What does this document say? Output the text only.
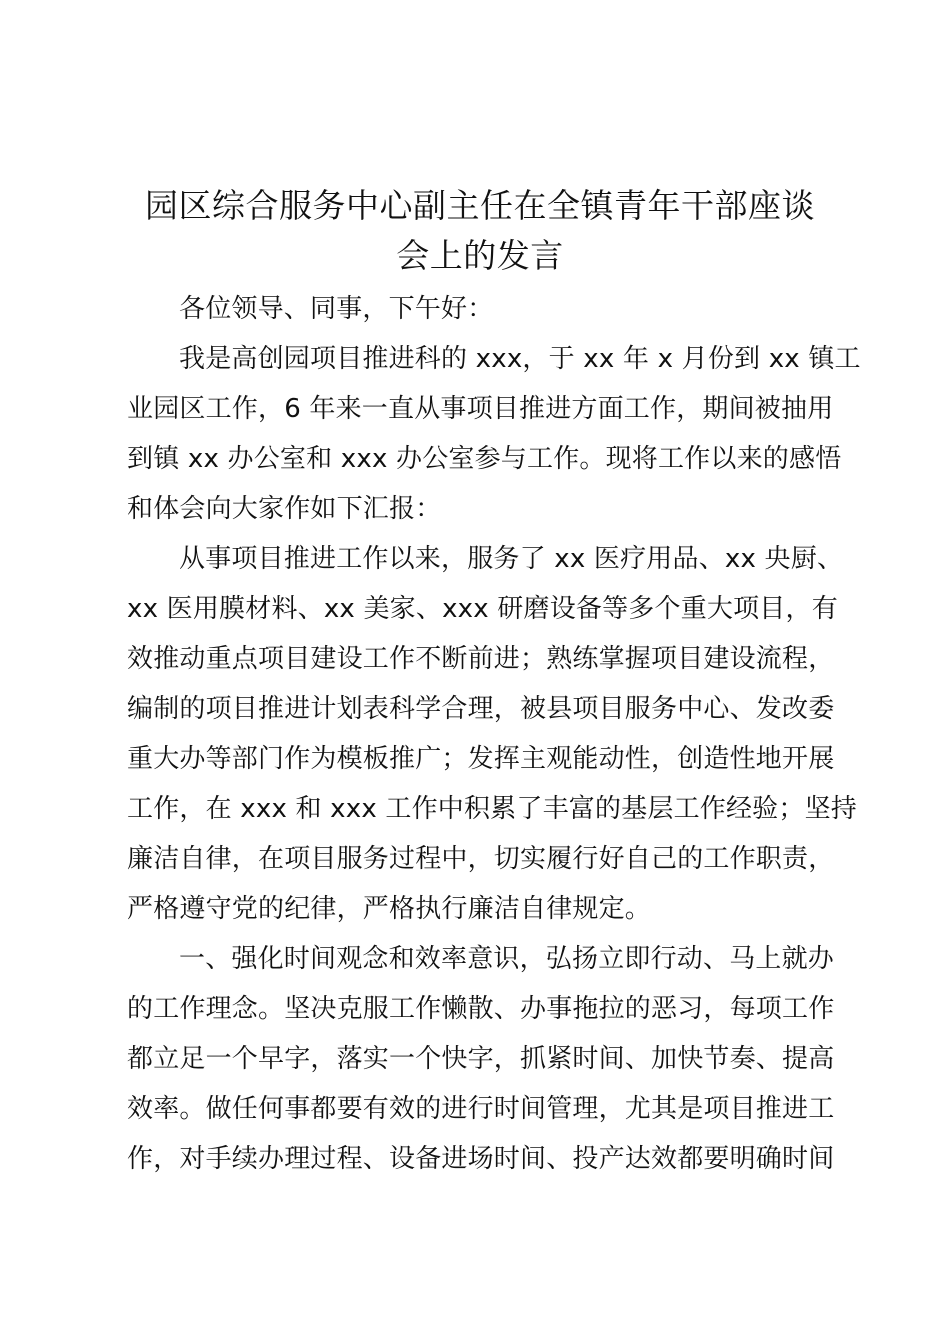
园区综合服务中心副主任在全镇青年干部座谈
会上的发言

各位领导、同事，下午好：

我是高创园项目推进科的 xxx，于 xx 年 x 月份到 xx 镇工
业园区工作，6 年来一直从事项目推进方面工作，期间被抽用
到镇 xx 办公室和 xxx 办公室参与工作。现将工作以来的感悟
和体会向大家作如下汇报：

从事项目推进工作以来，服务了 xx 医疗用品、xx 央厨、
xx 医用膜材料、xx 美家、xxx 研磨设备等多个重大项目，有
效推动重点项目建设工作不断前进；熟练掌握项目建设流程，
编制的项目推进计划表科学合理，被县项目服务中心、发改委
重大办等部门作为模板推广；发挥主观能动性，创造性地开展
工作，在 xxx 和 xxx 工作中积累了丰富的基层工作经验；坚持
廉洁自律，在项目服务过程中，切实履行好自己的工作职责，
严格遵守党的纪律，严格执行廉洁自律规定。

一、强化时间观念和效率意识，弘扬立即行动、马上就办
的工作理念。坚决克服工作懒散、办事拖拉的恶习，每项工作
都立足一个早字，落实一个快字，抓紧时间、加快节奏、提高
效率。做任何事都要有效的进行时间管理，尤其是项目推进工
作，对手续办理过程、设备进场时间、投产达效都要明确时间
